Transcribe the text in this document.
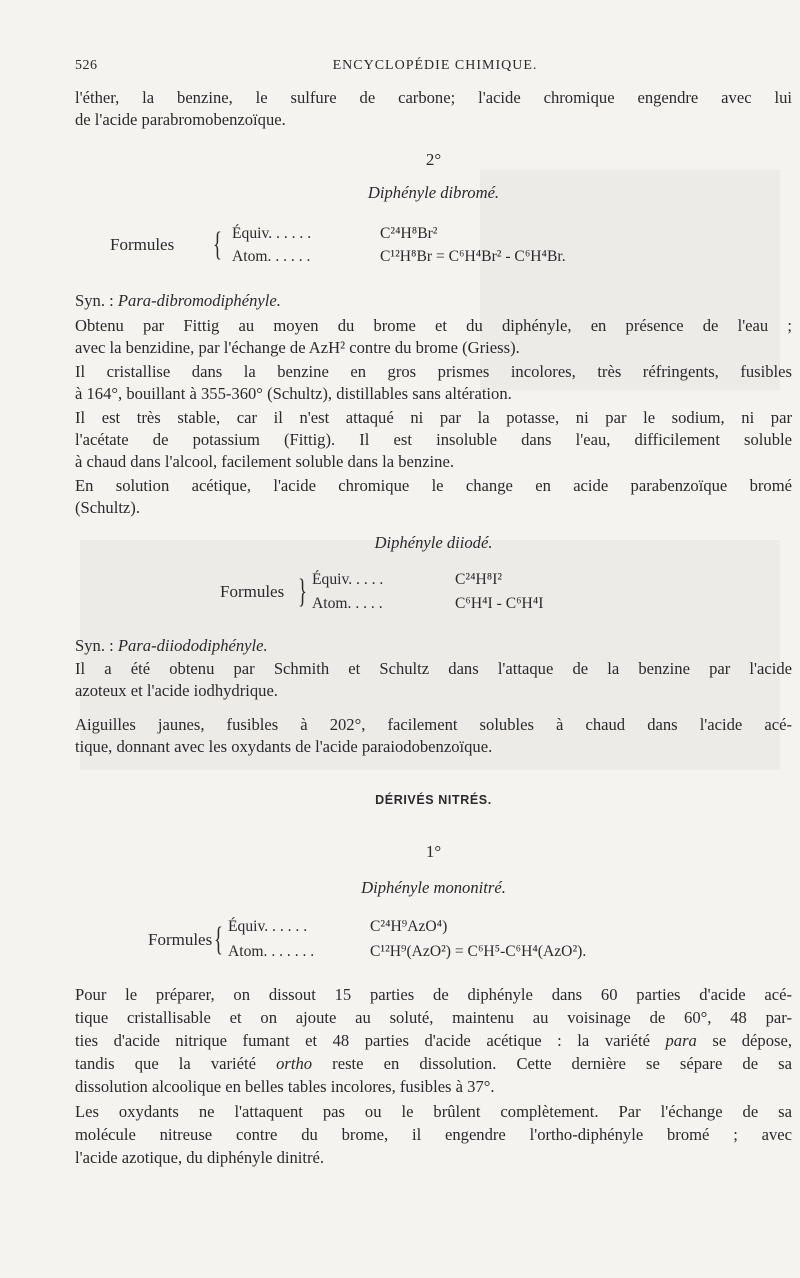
526	ENCYCLOPÉDIE CHIMIQUE.
l'éther, la benzine, le sulfure de carbone; l'acide chromique engendre avec lui
de l'acide parabromobenzoïque.
2°
Diphényle dibromé.
Formules { Équiv. . . . . .	C²⁴H⁸Br²
Atom. . . . . .	C¹²H⁸Br = C⁶H⁴Br² - C⁶H⁴Br.
Syn. : Para-dibromodiphényle.
Obtenu par Fittig au moyen du brome et du diphényle, en présence de l'eau ;
avec la benzidine, par l'échange de AzH² contre du brome (Griess).
Il cristallise dans la benzine en gros prismes incolores, très réfringents, fusibles
à 164°, bouillant à 355-360° (Schultz), distillables sans altération.
Il est très stable, car il n'est attaqué ni par la potasse, ni par le sodium, ni par
l'acétate de potassium (Fittig). Il est insoluble dans l'eau, difficilement soluble
à chaud dans l'alcool, facilement soluble dans la benzine.
En solution acétique, l'acide chromique le change en acide parabenzoïque bromé
(Schultz).
Diphényle diiodé.
Formules } Équiv. . . . .	C²⁴H⁸I²
Atom. . . . .	C⁶H⁴I - C⁶H⁴I
Syn. : Para-diiododiphényle.
Il a été obtenu par Schmith et Schultz dans l'attaque de la benzine par l'acide
azoteux et l'acide iodhydrique.
Aiguilles jaunes, fusibles à 202°, facilement solubles à chaud dans l'acide acé-
tique, donnant avec les oxydants de l'acide paraiodobenzoïque.
DÉRIVÉS NITRÉS.
1°
Diphényle mononitré.
Formules { Équiv. . . . . .	C²⁴H⁹AzO⁴)
Atom. . . . . . .	C¹²H⁹(AzO²) = C⁶H⁵-C⁶H⁴(AzO²).
Pour le préparer, on dissout 15 parties de diphényle dans 60 parties d'acide acé-
tique cristallisable et on ajoute au soluté, maintenu au voisinage de 60°, 48 par-
ties d'acide nitrique fumant et 48 parties d'acide acétique : la variété para se dépose,
tandis que la variété ortho reste en dissolution. Cette dernière se sépare de sa
dissolution alcoolique en belles tables incolores, fusibles à 37°.
Les oxydants ne l'attaquent pas ou le brûlent complètement. Par l'échange de sa
molécule nitreuse contre du brome, il engendre l'ortho-diphényle bromé ; avec
l'acide azotique, du diphényle dinitré.
